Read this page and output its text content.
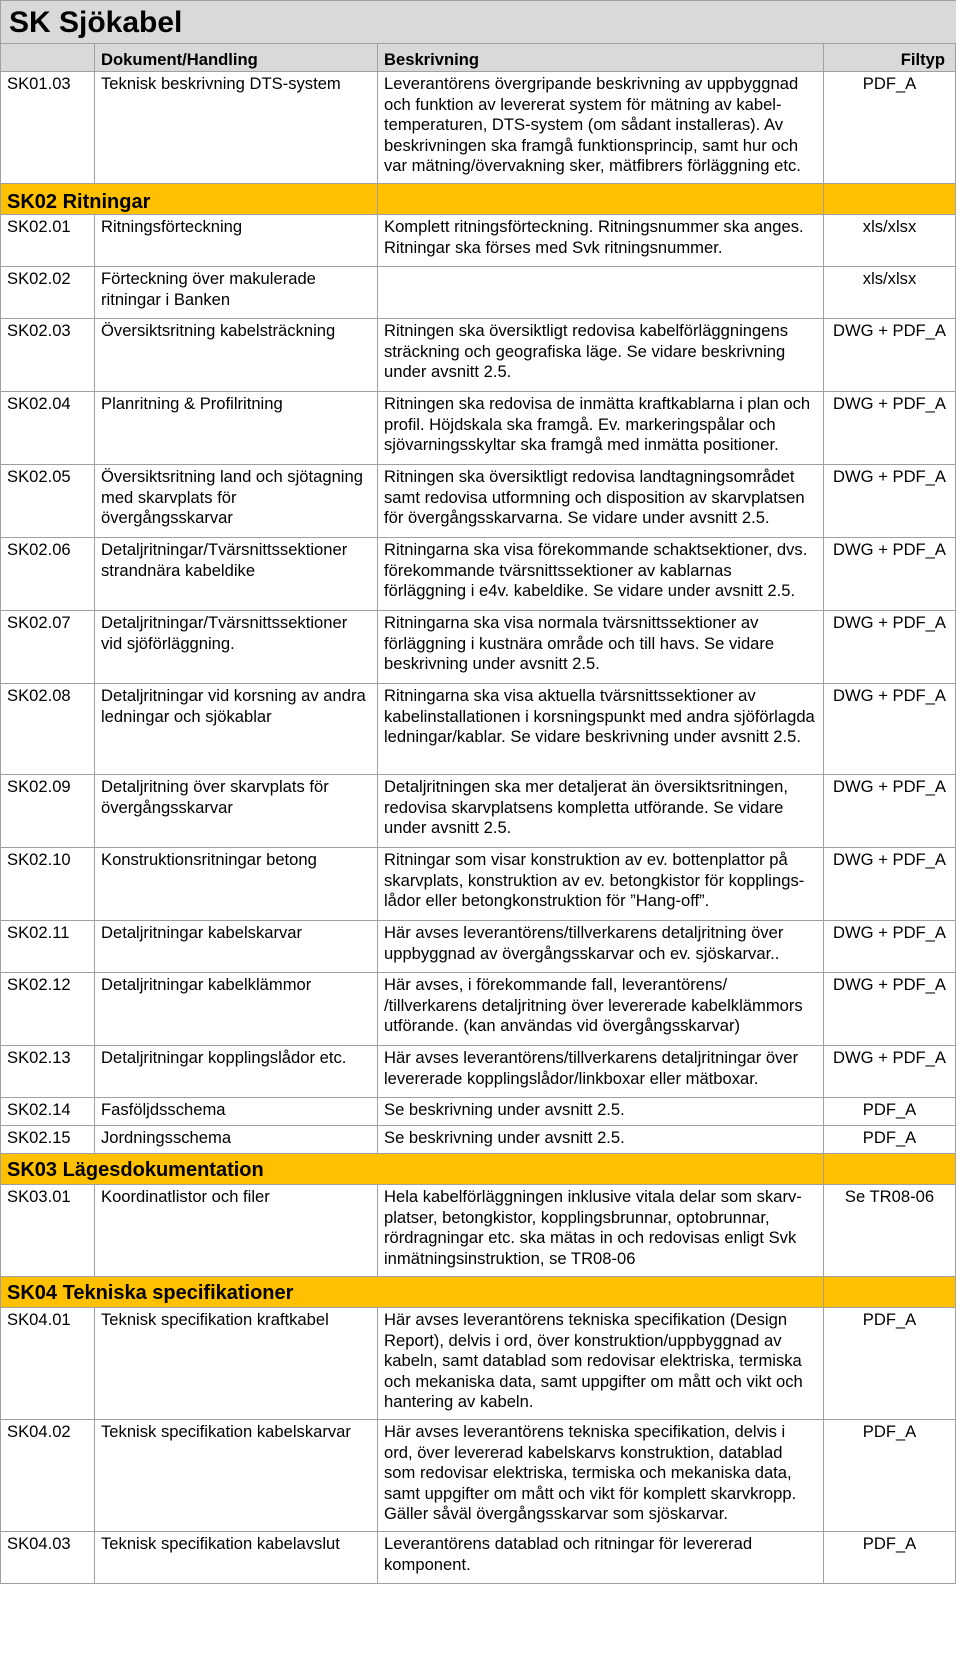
SK Sjökabel			
	Dokument/Handling	Beskrivning	Filtyp
SK01.03	Teknisk beskrivning DTS-system	Leverantörens övergripande beskrivning av uppbyggnad och funktion av levererat system för mätning av kabel-temperaturen, DTS-system (om sådant installeras). Av beskrivningen ska framgå funktionsprincip, samt hur och var mätning/övervakning sker, mätfibrers förläggning etc.	PDF_A
SK02 Ritningar			
SK02.01	Ritningsförteckning	Komplett ritningsförteckning. Ritningsnummer ska anges. Ritningar ska förses med Svk ritningsnummer.	xls/xlsx
SK02.02	Förteckning över makulerade ritningar i Banken		xls/xlsx
SK02.03	Översiktsritning kabelsträckning	Ritningen ska översiktligt redovisa kabelförläggningens sträckning och geografiska läge. Se vidare beskrivning under avsnitt 2.5.	DWG + PDF_A
SK02.04	Planritning & Profilritning	Ritningen ska redovisa de inmätta kraftkablarna i plan och profil. Höjdskala ska framgå. Ev. markeringspålar och sjövarningsskyltar ska framgå med inmätta positioner.	DWG + PDF_A
SK02.05	Översiktsritning land och sjötagning med skarvplats för övergångsskarvar	Ritningen ska översiktligt redovisa landtagningsområdet samt redovisa utformning och disposition av skarvplatsen för övergångsskarvarna. Se vidare under avsnitt 2.5.	DWG + PDF_A
SK02.06	Detaljritningar/Tvärsnittssektioner strandnära kabeldike	Ritningarna ska visa förekommande schaktsektioner, dvs. förekommande tvärsnittssektioner av kablarnas förläggning i e4v. kabeldike. Se vidare under avsnitt 2.5.	DWG + PDF_A
SK02.07	Detaljritningar/Tvärsnittssektioner vid sjöförläggning.	Ritningarna ska visa normala tvärsnittssektioner av förläggning i kustnära område och till havs. Se vidare beskrivning under avsnitt 2.5.	DWG + PDF_A
SK02.08	Detaljritningar vid korsning av andra ledningar och sjökablar	Ritningarna ska visa aktuella tvärsnittssektioner av kabelinstallationen i korsningspunkt med andra sjöförlagda ledningar/kablar. Se vidare beskrivning under avsnitt 2.5.	DWG + PDF_A
SK02.09	Detaljritning över skarvplats för övergångsskarvar	Detaljritningen ska mer detaljerat än översiktsritningen, redovisa skarvplatsens kompletta utförande. Se vidare under avsnitt 2.5.	DWG + PDF_A
SK02.10	Konstruktionsritningar betong	Ritningar som visar konstruktion av ev. bottenplattor på skarvplats, konstruktion av ev. betongkistor för kopplings-lådor eller betongkonstruktion för ”Hang-off”.	DWG + PDF_A
SK02.11	Detaljritningar kabelskarvar	Här avses leverantörens/tillverkarens detaljritning över uppbyggnad av övergångsskarvar och ev. sjöskarvar..	DWG + PDF_A
SK02.12	Detaljritningar kabelklämmor	Här avses, i förekommande fall, leverantörens/ /tillverkarens detaljritning över levererade kabelklämmors utförande. (kan användas vid övergångsskarvar)	DWG + PDF_A
SK02.13	Detaljritningar kopplingslådor etc.	Här avses leverantörens/tillverkarens detaljritningar över levererade kopplingslådor/linkboxar eller mätboxar.	DWG + PDF_A
SK02.14	Fasföljdsschema	Se beskrivning under avsnitt 2.5.	PDF_A
SK02.15	Jordningsschema	Se beskrivning under avsnitt 2.5.	PDF_A
SK03 Lägesdokumentation			
SK03.01	Koordinatlistor och filer	Hela kabelförläggningen inklusive vitala delar som skarv-platser, betongkistor, kopplingsbrunnar, optobrunnar, rördragningar etc. ska mätas in och redovisas enligt Svk inmätningsinstruktion, se TR08-06	Se TR08-06
SK04 Tekniska specifikationer			
SK04.01	Teknisk specifikation kraftkabel	Här avses leverantörens tekniska specifikation (Design Report), delvis i ord, över konstruktion/uppbyggnad av kabeln, samt datablad som redovisar elektriska, termiska och mekaniska data, samt uppgifter om mått och vikt och hantering av kabeln.	PDF_A
SK04.02	Teknisk specifikation kabelskarvar	Här avses leverantörens tekniska specifikation, delvis i ord, över levererad kabelskarvs konstruktion, datablad som redovisar elektriska, termiska och mekaniska data, samt uppgifter om mått och vikt för komplett skarvkropp. Gäller såväl övergångsskarvar som sjöskarvar.	PDF_A
SK04.03	Teknisk specifikation kabelavslut	Leverantörens datablad och ritningar för levererad komponent.	PDF_A
